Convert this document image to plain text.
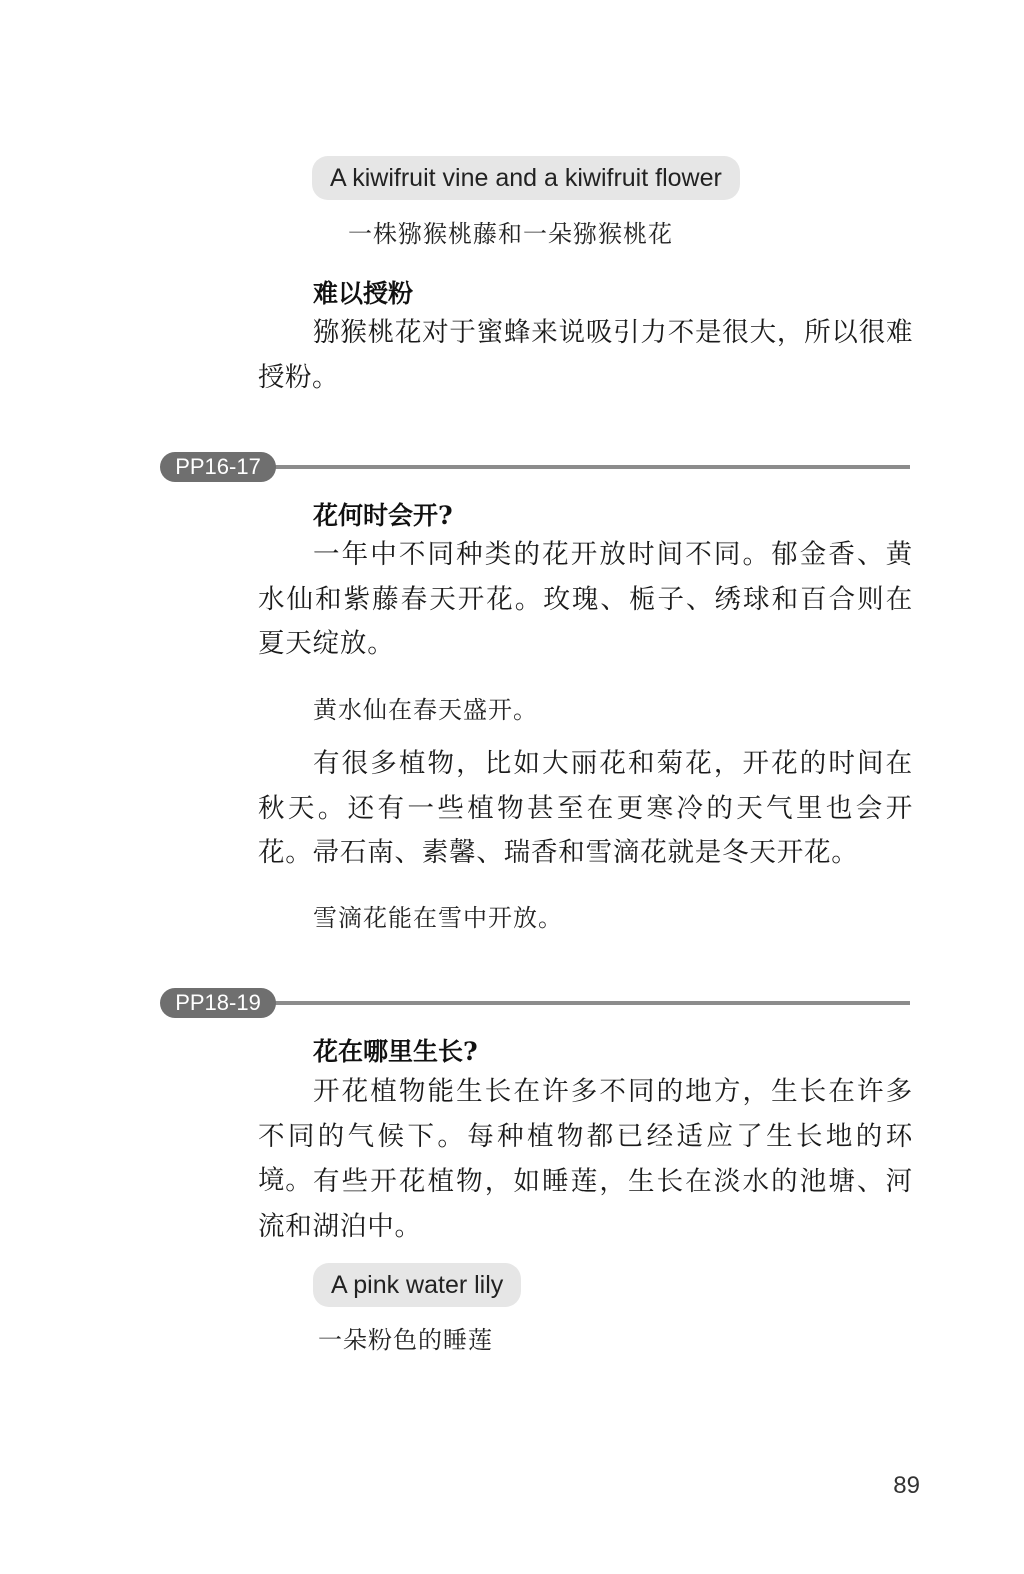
A kiwifruit vine and a kiwifruit flower
一株猕猴桃藤和一朵猕猴桃花
难以授粉

猕猴桃花对于蜜蜂来说吸引力不是很大，所以很难授粉。

PP16-17
花何时会开?

一年中不同种类的花开放时间不同。郁金香、黄水仙和紫藤春天开花。玫瑰、栀子、绣球和百合则在夏天绽放。

黄水仙在春天盛开。

有很多植物，比如大丽花和菊花，开花的时间在秋天。还有一些植物甚至在更寒冷的天气里也会开花。帚石南、素馨、瑞香和雪滴花就是冬天开花。

雪滴花能在雪中开放。
PP18-19
花在哪里生长?

开花植物能生长在许多不同的地方，生长在许多不同的气候下。每种植物都已经适应了生长地的环境。 有些开花植物，如睡莲，生长在淡水的池塘、河流和湖泊中。

A pink water lily
一朵粉色的睡莲
89
